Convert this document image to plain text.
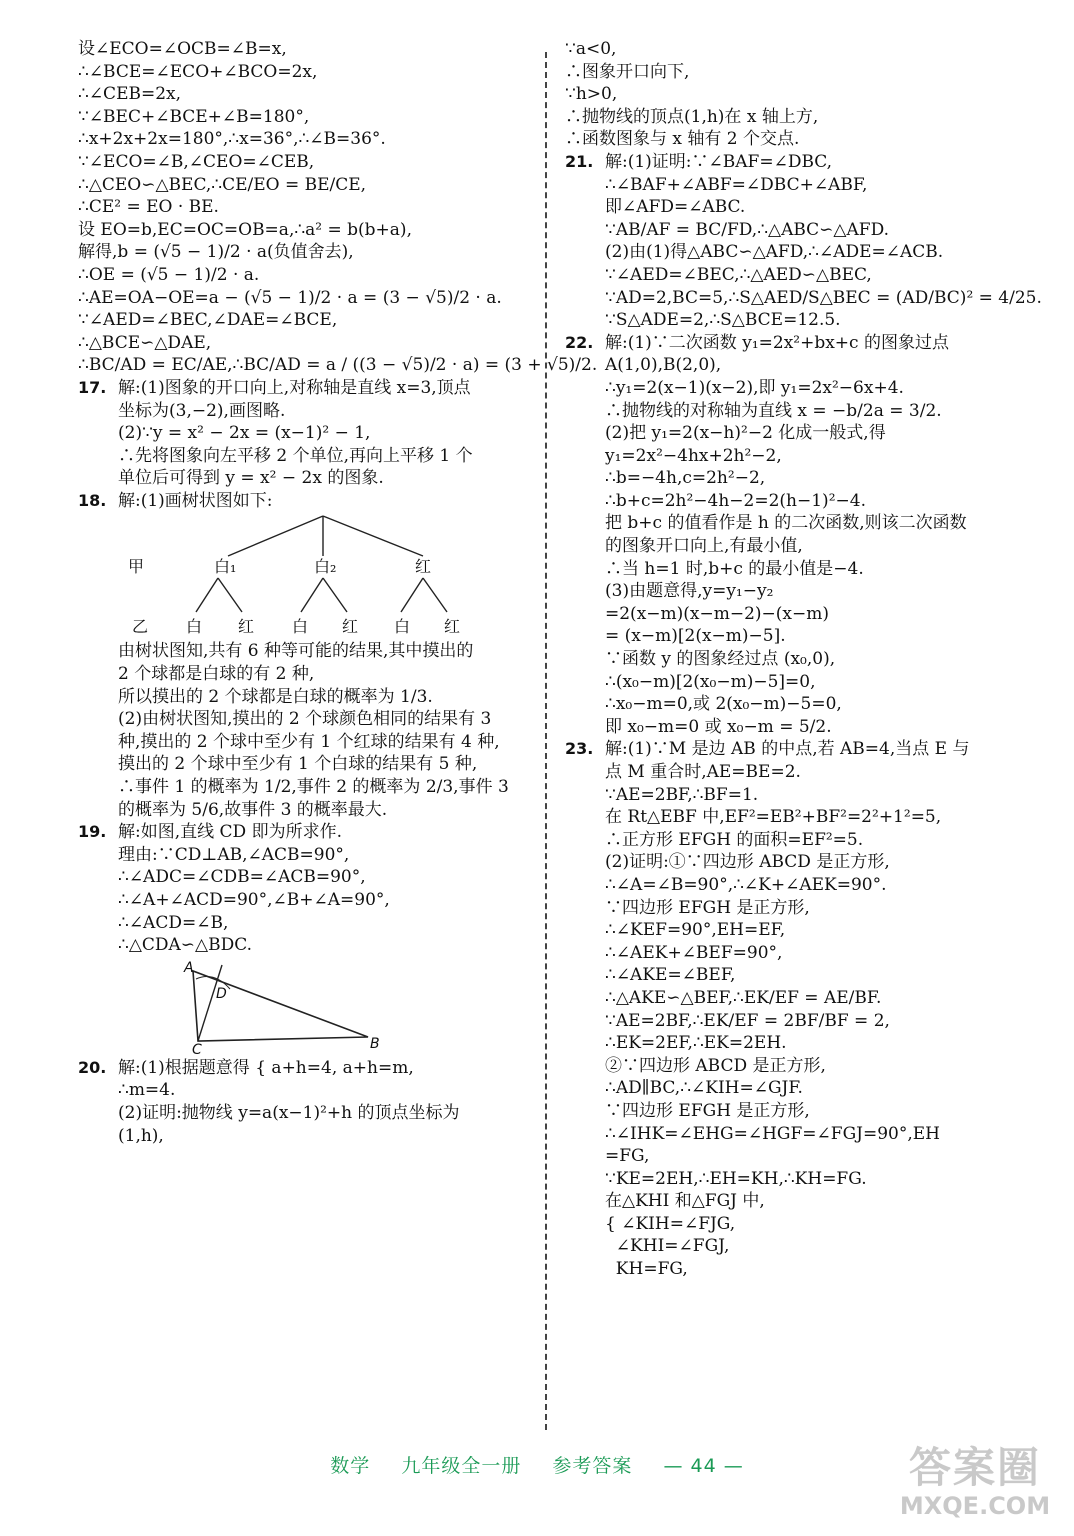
设∠ECO=∠OCB=∠B=x,
∴∠BCE=∠ECO+∠BCO=2x,
∴∠CEB=2x,
∵∠BEC+∠BCE+∠B=180°,
∴x+2x+2x=180°,∴x=36°,∴∠B=36°.
∵∠ECO=∠B,∠CEO=∠CEB,
∴△CEO∽△BEC,∴CE/EO = BE/CE,
∴CE² = EO · BE.
设 EO=b,EC=OC=OB=a,∴a² = b(b+a),
解得,b = (√5 − 1)/2 · a(负值舍去),
∴OE = (√5 − 1)/2 · a.
∴AE=OA−OE=a − (√5 − 1)/2 · a = (3 − √5)/2 · a.
∵∠AED=∠BEC,∠DAE=∠BCE,
∴△BCE∽△DAE,
∴BC/AD = EC/AE,∴BC/AD = a / ((3 − √5)/2 · a) = (3 + √5)/2.
17. 解:(1)图象的开口向上,对称轴是直线 x=3,顶点
坐标为(3,−2),画图略.
(2)∵y = x² − 2x = (x−1)² − 1,
∴先将图象向左平移 2 个单位,再向上平移 1 个
单位后可得到 y = x² − 2x 的图象.
18. 解:(1)画树状图如下:
甲	白₁	白₂	红
乙 白 红 白 红 白 红
由树状图知,共有 6 种等可能的结果,其中摸出的
2 个球都是白球的有 2 种,
所以摸出的 2 个球都是白球的概率为 1/3.
(2)由树状图知,摸出的 2 个球颜色相同的结果有 3
种,摸出的 2 个球中至少有 1 个红球的结果有 4 种,
摸出的 2 个球中至少有 1 个白球的结果有 5 种,
∴事件 1 的概率为 1/2,事件 2 的概率为 2/3,事件 3
的概率为 5/6,故事件 3 的概率最大.
19. 解:如图,直线 CD 即为所求作.
理由:∵CD⊥AB,∠ACB=90°,
∴∠ADC=∠CDB=∠ACB=90°,
∴∠A+∠ACD=90°,∠B+∠A=90°,
∴∠ACD=∠B,
∴△CDA∽△BDC.
A
D
C	B
20. 解:(1)根据题意得 { a+h=4, a+h=m,
∴m=4.
(2)证明:抛物线 y=a(x−1)²+h 的顶点坐标为
(1,h),
∵a<0,
∴图象开口向下,
∵h>0,
∴抛物线的顶点(1,h)在 x 轴上方,
∴函数图象与 x 轴有 2 个交点.
21. 解:(1)证明:∵∠BAF=∠DBC,
∴∠BAF+∠ABF=∠DBC+∠ABF,
即∠AFD=∠ABC.
∵AB/AF = BC/FD,∴△ABC∽△AFD.
(2)由(1)得△ABC∽△AFD,∴∠ADE=∠ACB.
∵∠AED=∠BEC,∴△AED∽△BEC,
∵AD=2,BC=5,∴S△AED/S△BEC = (AD/BC)² = 4/25.
∵S△ADE=2,∴S△BCE=12.5.
22. 解:(1)∵二次函数 y₁=2x²+bx+c 的图象过点
A(1,0),B(2,0),
∴y₁=2(x−1)(x−2),即 y₁=2x²−6x+4.
∴抛物线的对称轴为直线 x = −b/2a = 3/2.
(2)把 y₁=2(x−h)²−2 化成一般式,得
y₁=2x²−4hx+2h²−2,
∴b=−4h,c=2h²−2,
∴b+c=2h²−4h−2=2(h−1)²−4.
把 b+c 的值看作是 h 的二次函数,则该二次函数
的图象开口向上,有最小值,
∴当 h=1 时,b+c 的最小值是−4.
(3)由题意得,y=y₁−y₂
=2(x−m)(x−m−2)−(x−m)
= (x−m)[2(x−m)−5].
∵函数 y 的图象经过点 (x₀,0),
∴(x₀−m)[2(x₀−m)−5]=0,
∴x₀−m=0,或 2(x₀−m)−5=0,
即 x₀−m=0 或 x₀−m = 5/2.
23. 解:(1)∵M 是边 AB 的中点,若 AB=4,当点 E 与
点 M 重合时,AE=BE=2.
∵AE=2BF,∴BF=1.
在 Rt△EBF 中,EF²=EB²+BF²=2²+1²=5,
∴正方形 EFGH 的面积=EF²=5.
(2)证明:①∵四边形 ABCD 是正方形,
∴∠A=∠B=90°,∴∠K+∠AEK=90°.
∵四边形 EFGH 是正方形,
∴∠KEF=90°,EH=EF,
∴∠AEK+∠BEF=90°,
∴∠AKE=∠BEF,
∴△AKE∽△BEF,∴EK/EF = AE/BF.
∵AE=2BF,∴EK/EF = 2BF/BF = 2,
∴EK=2EF,∴EK=2EH.
②∵四边形 ABCD 是正方形,
∴AD∥BC,∴∠KIH=∠GJF.
∵四边形 EFGH 是正方形,
∴∠IHK=∠EHG=∠HGF=∠FGJ=90°,EH
=FG,
∵KE=2EH,∴EH=KH,∴KH=FG.
在△KHI 和△FGJ 中,
{ ∠KIH=∠FJG,
∠KHI=∠FGJ,
KH=FG,
数学 九年级全一册 参考答案 — 44 —	答案圈
MXQE.COM
